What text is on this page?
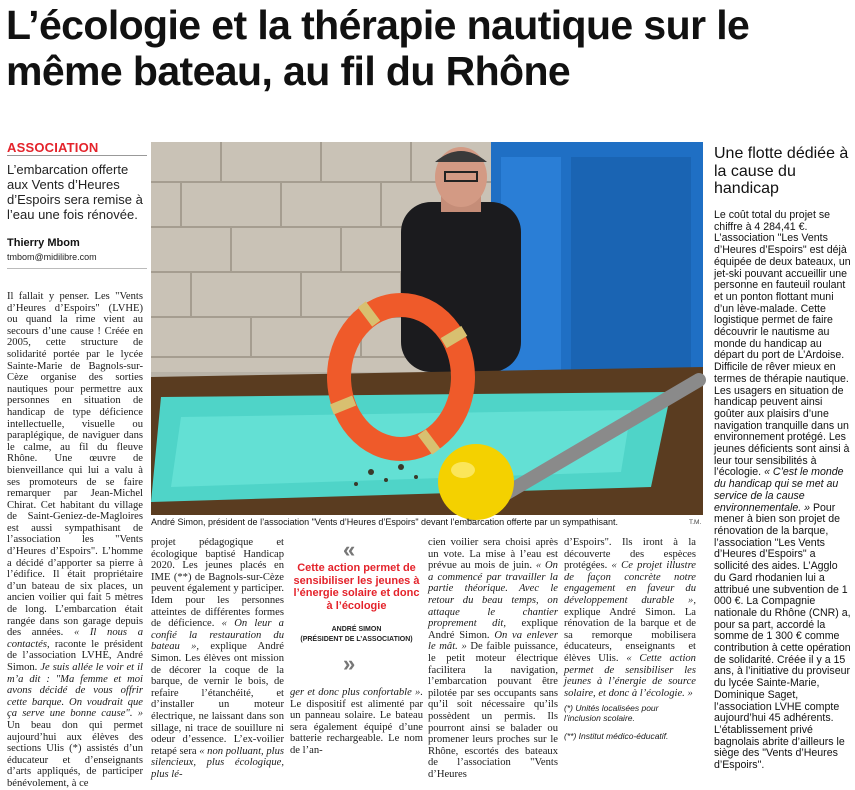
L’écologie et la thérapie nautique sur le même bateau, au fil du Rhône
ASSOCIATION
L’embarcation offerte aux Vents d’Heures d’Espoirs sera remise à l’eau une fois rénovée.
Thierry Mbom
tmbom@midilibre.com
André Simon, président de l’association "Vents d’Heures d’Espoirs" devant l’embarcation offerte par un sympathisant.	T.M.
Il fallait y penser. Les "Vents d’Heures d’Espoirs" (LVHE) ou quand la rime vient au secours d’une cause ! Créée en 2005, cette structure de solidarité portée par le lycée Sainte-Marie de Bagnols-sur-Cèze organise des sorties nautiques pour permettre aux personnes en situation de handicap de type déficience intellectuelle, visuelle ou paraplégique, de naviguer dans le calme, au fil du fleuve Rhône. Une œuvre de bienveillance qui lui a valu à ses promoteurs de se faire remarquer par Jean-Michel Chirat. Cet habitant du village de Saint-Geniez-de-Magloires est aussi sympathisant de l’association les "Vents d’Heures d’Espoirs". L’homme a décidé d’apporter sa pierre à l’édifice. Il était propriétaire d’un bateau de six places, un ancien voilier qui fait 5 mètres de long. L’embarcation était rangée dans son garage depuis des années. « Il nous a contactés, raconte le président de l’association LVHE, André Simon. Je suis allée le voir et il m’a dit : "Ma femme et moi avons décidé de vous offrir cette barque. On voudrait que ça serve une bonne cause". » Un beau don qui permet aujourd’hui aux élèves des sections Ulis (*) assistés d’un éducateur et d’enseignants d’arts appliqués, de participer bénévolement, à ce
projet pédagogique et écologique baptisé Handicap 2020. Les jeunes placés en IME (**) de Bagnols-sur-Cèze peuvent également y participer. Idem pour les personnes atteintes de différentes formes de déficience. « On leur a confié la restauration du bateau », explique André Simon. Les élèves ont mission de décorer la coque de la barque, de vernir le bois, de refaire l’étanchéité, et d’installer un moteur électrique, ne laissant dans son sillage, ni trace de souillure ni odeur d’essence. L’ex-voilier retapé sera « non polluant, plus silencieux, plus écologique, plus lé-
«
Cette action permet de sensibiliser les jeunes à l’énergie solaire et donc à l’écologie
ANDRÉ SIMON
(PRÉSIDENT DE L’ASSOCIATION)
»
ger et donc plus confortable ». Le dispositif est alimenté par un panneau solaire. Le bateau sera également équipé d’une batterie rechargeable. Le nom de l’an-
cien voilier sera choisi après un vote. La mise à l’eau est prévue au mois de juin. « On a commencé par travailler la partie théorique. Avec le retour du beau temps, on attaque le chantier proprement dit, explique André Simon. On va enlever le mât. » De faible puissance, le petit moteur électrique facilitera la navigation, l’embarcation pouvant être pilotée par ses occupants sans qu’il soit nécessaire qu’ils possèdent un permis. Ils pourront ainsi se balader ou promener leurs proches sur le Rhône, escortés des bateaux de l’association "Vents d’Heures
d’Espoirs". Ils iront à la découverte des espèces protégées. « Ce projet illustre de façon concrète notre engagement en faveur du développement durable », explique André Simon. La rénovation de la barque et de sa remorque mobilisera éducateurs, enseignants et élèves Ulis. « Cette action permet de sensibiliser les jeunes à l’énergie de source solaire, et donc à l’écologie. »
(*) Unités localisées pour l’inclusion scolaire.
(**) Institut médico-éducatif.
Une flotte dédiée à la cause du handicap
Le coût total du projet se chiffre à 4 284,41 €. L’association "Les Vents d’Heures d’Espoirs" est déjà équipée de deux bateaux, un jet-ski pouvant accueillir une personne en fauteuil roulant et un ponton flottant muni d’un lève-malade. Cette logistique permet de faire découvrir le nautisme au monde du handicap au départ du port de L’Ardoise. Difficile de rêver mieux en termes de thérapie nautique. Les usagers en situation de handicap peuvent ainsi goûter aux plaisirs d’une navigation tranquille dans un environnement protégé. Les jeunes déficients sont ainsi à leur tour sensibilités à l’écologie. « C’est le monde du handicap qui se met au service de la cause environnementale. » Pour mener à bien son projet de rénovation de la barque, l’association "Les Vents d’Heures d’Espoirs" a sollicité des aides. L’Agglo du Gard rhodanien lui a attribué une subvention de 1 000 €. La Compagnie nationale du Rhône (CNR) a, pour sa part, accordé la somme de 1 300 € comme contribution à cette opération de solidarité. Créée il y a 15 ans, à l’initiative du proviseur du lycée Sainte-Marie, Dominique Saget, l’association LVHE compte aujourd’hui 45 adhérents. L’établissement privé bagnolais abrite d’ailleurs le siège des "Vents d’Heures d’Espoirs".
